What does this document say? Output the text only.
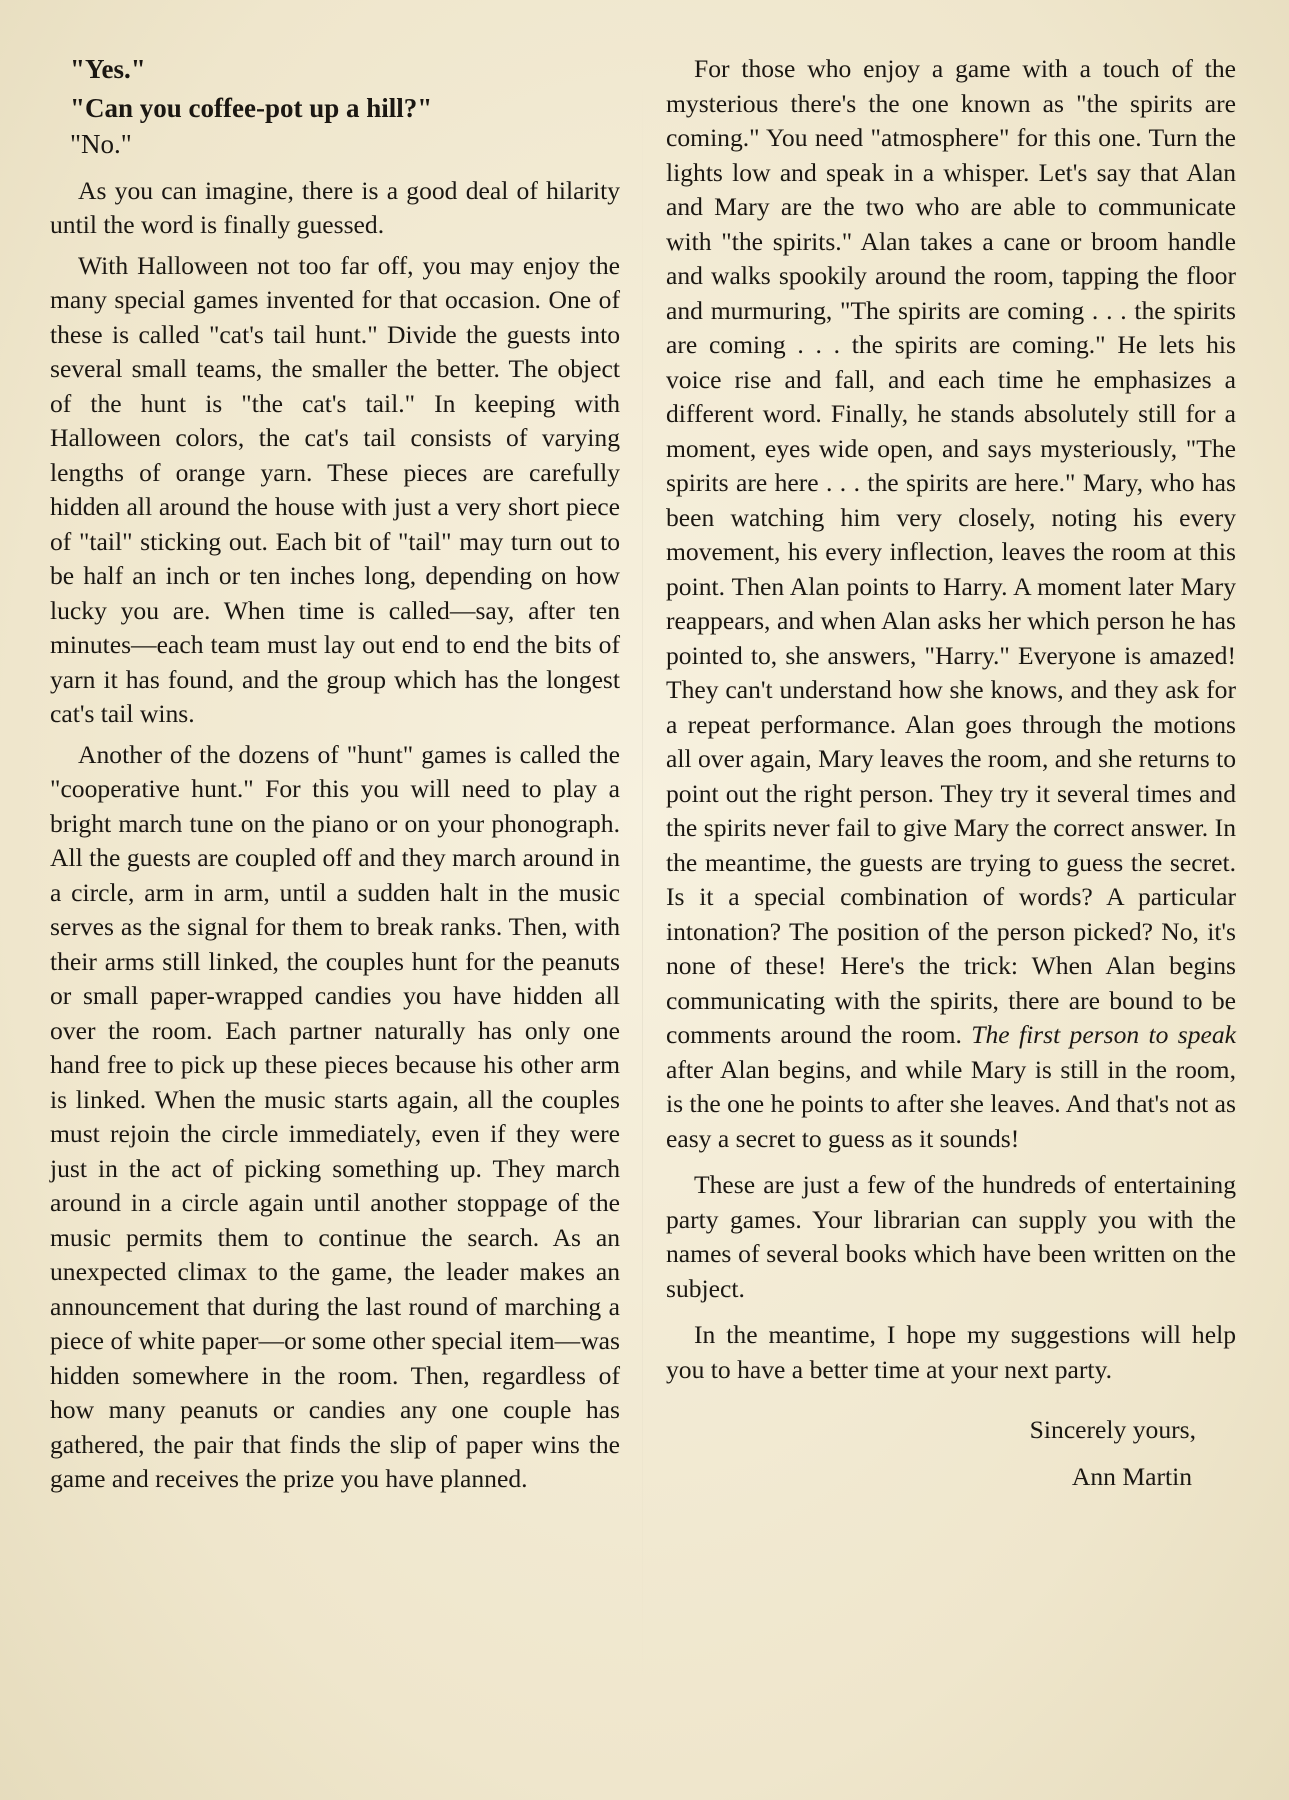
"Yes."

"Can you coffee-pot up a hill?"

"No."

As you can imagine, there is a good deal of hilarity until the word is finally guessed.

With Halloween not too far off, you may enjoy the many special games invented for that occasion. One of these is called "cat's tail hunt." Divide the guests into several small teams, the smaller the better. The object of the hunt is "the cat's tail." In keeping with Halloween colors, the cat's tail consists of varying lengths of orange yarn. These pieces are carefully hidden all around the house with just a very short piece of "tail" sticking out. Each bit of "tail" may turn out to be half an inch or ten inches long, depending on how lucky you are. When time is called—say, after ten minutes—each team must lay out end to end the bits of yarn it has found, and the group which has the longest cat's tail wins.

Another of the dozens of "hunt" games is called the "cooperative hunt." For this you will need to play a bright march tune on the piano or on your phonograph. All the guests are coupled off and they march around in a circle, arm in arm, until a sudden halt in the music serves as the signal for them to break ranks. Then, with their arms still linked, the couples hunt for the peanuts or small paper-wrapped candies you have hidden all over the room. Each partner naturally has only one hand free to pick up these pieces because his other arm is linked. When the music starts again, all the couples must rejoin the circle immediately, even if they were just in the act of picking something up. They march around in a circle again until another stoppage of the music permits them to continue the search. As an unexpected climax to the game, the leader makes an announcement that during the last round of marching a piece of white paper—or some other special item—was hidden somewhere in the room. Then, regardless of how many peanuts or candies any one couple has gathered, the pair that finds the slip of paper wins the game and receives the prize you have planned.

For those who enjoy a game with a touch of the mysterious there's the one known as "the spirits are coming." You need "atmosphere" for this one. Turn the lights low and speak in a whisper. Let's say that Alan and Mary are the two who are able to communicate with "the spirits." Alan takes a cane or broom handle and walks spookily around the room, tapping the floor and murmuring, "The spirits are coming . . . the spirits are coming . . . the spirits are coming." He lets his voice rise and fall, and each time he emphasizes a different word. Finally, he stands absolutely still for a moment, eyes wide open, and says mysteriously, "The spirits are here . . . the spirits are here." Mary, who has been watching him very closely, noting his every movement, his every inflection, leaves the room at this point. Then Alan points to Harry. A moment later Mary reappears, and when Alan asks her which person he has pointed to, she answers, "Harry." Everyone is amazed! They can't understand how she knows, and they ask for a repeat performance. Alan goes through the motions all over again, Mary leaves the room, and she returns to point out the right person. They try it several times and the spirits never fail to give Mary the correct answer. In the meantime, the guests are trying to guess the secret. Is it a special combination of words? A particular intonation? The position of the person picked? No, it's none of these! Here's the trick: When Alan begins communicating with the spirits, there are bound to be comments around the room. The first person to speak after Alan begins, and while Mary is still in the room, is the one he points to after she leaves. And that's not as easy a secret to guess as it sounds!

These are just a few of the hundreds of entertaining party games. Your librarian can supply you with the names of several books which have been written on the subject.

In the meantime, I hope my suggestions will help you to have a better time at your next party.

Sincerely yours,
Ann Martin
